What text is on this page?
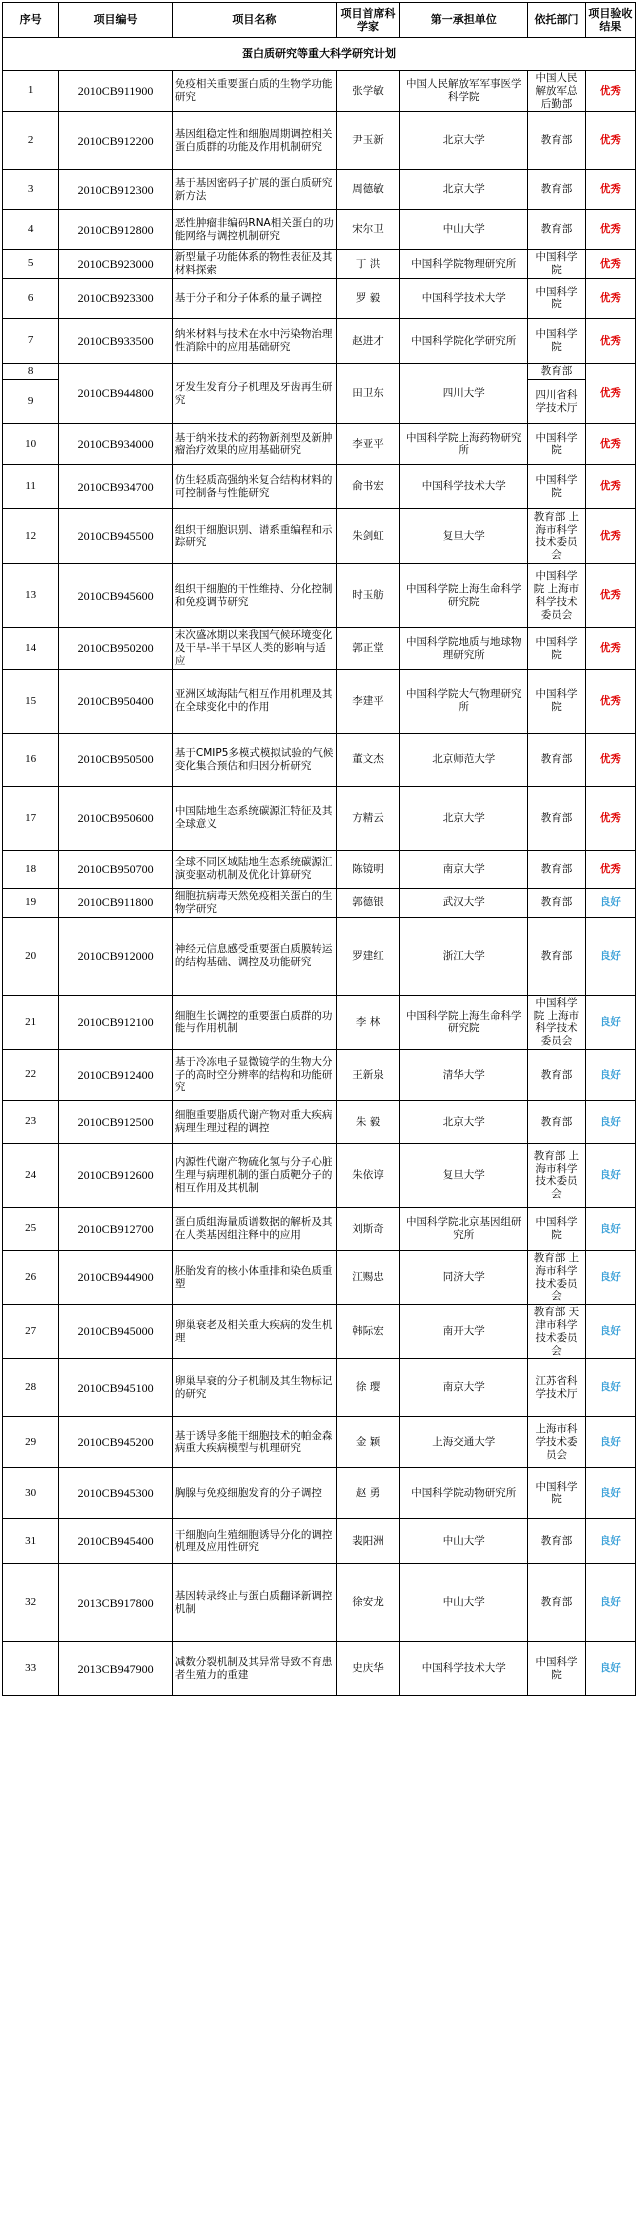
序号	项目编号	项目名称	项目首席科学家	第一承担单位	依托部门	项目验收结果
蛋白质研究等重大科学研究计划						
1	2010CB911900	免疫相关重要蛋白质的生物学功能研究	张学敏	中国人民解放军军事医学科学院	中国人民解放军总后勤部	优秀
2	2010CB912200	基因组稳定性和细胞周期调控相关蛋白质群的功能及作用机制研究	尹玉新	北京大学	教育部	优秀
3	2010CB912300	基于基因密码子扩展的蛋白质研究新方法	周德敏	北京大学	教育部	优秀
4	2010CB912800	恶性肿瘤非编码RNA相关蛋白的功能网络与调控机制研究	宋尔卫	中山大学	教育部	优秀
5	2010CB923000	新型量子功能体系的物性表征及其材料探索	丁 洪	中国科学院物理研究所	中国科学院	优秀
6	2010CB923300	基于分子和分子体系的量子调控	罗 毅	中国科学技术大学	中国科学院	优秀
7	2010CB933500	纳米材料与技术在水中污染物治理性消除中的应用基础研究	赵进才	中国科学院化学研究所	中国科学院	优秀
8	2010CB944800	牙发生发育分子机理及牙齿再生研究	田卫东	四川大学	教育部	优秀
9					四川省科学技术厅	
10	2010CB934000	基于纳米技术的药物新剂型及新肿瘤治疗效果的应用基础研究	李亚平	中国科学院上海药物研究所	中国科学院	优秀
11	2010CB934700	仿生轻质高强纳米复合结构材料的可控制备与性能研究	俞书宏	中国科学技术大学	中国科学院	优秀
12	2010CB945500	组织干细胞识别、谱系重编程和示踪研究	朱剑虹	复旦大学	教育部 上海市科学技术委员会	优秀
13	2010CB945600	组织干细胞的干性维持、分化控制和免疫调节研究	时玉舫	中国科学院上海生命科学研究院	中国科学院 上海市科学技术委员会	优秀
14	2010CB950200	末次盛冰期以来我国气候环境变化及干旱-半干旱区人类的影响与适应	郭正堂	中国科学院地质与地球物理研究所	中国科学院	优秀
15	2010CB950400	亚洲区域海陆气相互作用机理及其在全球变化中的作用	李建平	中国科学院大气物理研究所	中国科学院	优秀
16	2010CB950500	基于CMIP5多模式模拟试验的气候变化集合预估和归因分析研究	董文杰	北京师范大学	教育部	优秀
17	2010CB950600	中国陆地生态系统碳源汇特征及其全球意义	方精云	北京大学	教育部	优秀
18	2010CB950700	全球不同区域陆地生态系统碳源汇演变驱动机制及优化计算研究	陈镜明	南京大学	教育部	优秀
19	2010CB911800	细胞抗病毒天然免疫相关蛋白的生物学研究	郭德银	武汉大学	教育部	良好
20	2010CB912000	神经元信息感受重要蛋白质膜转运的结构基础、调控及功能研究	罗建红	浙江大学	教育部	良好
21	2010CB912100	细胞生长调控的重要蛋白质群的功能与作用机制	李 林	中国科学院上海生命科学研究院	中国科学院 上海市科学技术委员会	良好
22	2010CB912400	基于冷冻电子显微镜学的生物大分子的高时空分辨率的结构和功能研究	王新泉	清华大学	教育部	良好
23	2010CB912500	细胞重要脂质代谢产物对重大疾病病理生理过程的调控	朱 毅	北京大学	教育部	良好
24	2010CB912600	内源性代谢产物硫化氢与分子心脏生理与病理机制的蛋白质靶分子的相互作用及其机制	朱依谆	复旦大学	教育部 上海市科学技术委员会	良好
25	2010CB912700	蛋白质组海量质谱数据的解析及其在人类基因组注释中的应用	刘斯奇	中国科学院北京基因组研究所	中国科学院	良好
26	2010CB944900	胚胎发育的核小体重排和染色质重塑	江赐忠	同济大学	教育部 上海市科学技术委员会	良好
27	2010CB945000	卵巢衰老及相关重大疾病的发生机理	韩际宏	南开大学	教育部 天津市科学技术委员会	良好
28	2010CB945100	卵巢早衰的分子机制及其生物标记的研究	徐 璎	南京大学	江苏省科学技术厅	良好
29	2010CB945200	基于诱导多能干细胞技术的帕金森病重大疾病模型与机理研究	金 颖	上海交通大学	上海市科学技术委员会	良好
30	2010CB945300	胸腺与免疫细胞发育的分子调控	赵 勇	中国科学院动物研究所	中国科学院	良好
31	2010CB945400	干细胞向生殖细胞诱导分化的调控机理及应用性研究	裴阳洲	中山大学	教育部	良好
32	2013CB917800	基因转录终止与蛋白质翻译新调控机制	徐安龙	中山大学	教育部	良好
33	2013CB947900	减数分裂机制及其异常导致不育患者生殖力的重建	史庆华	中国科学技术大学	中国科学院	良好
